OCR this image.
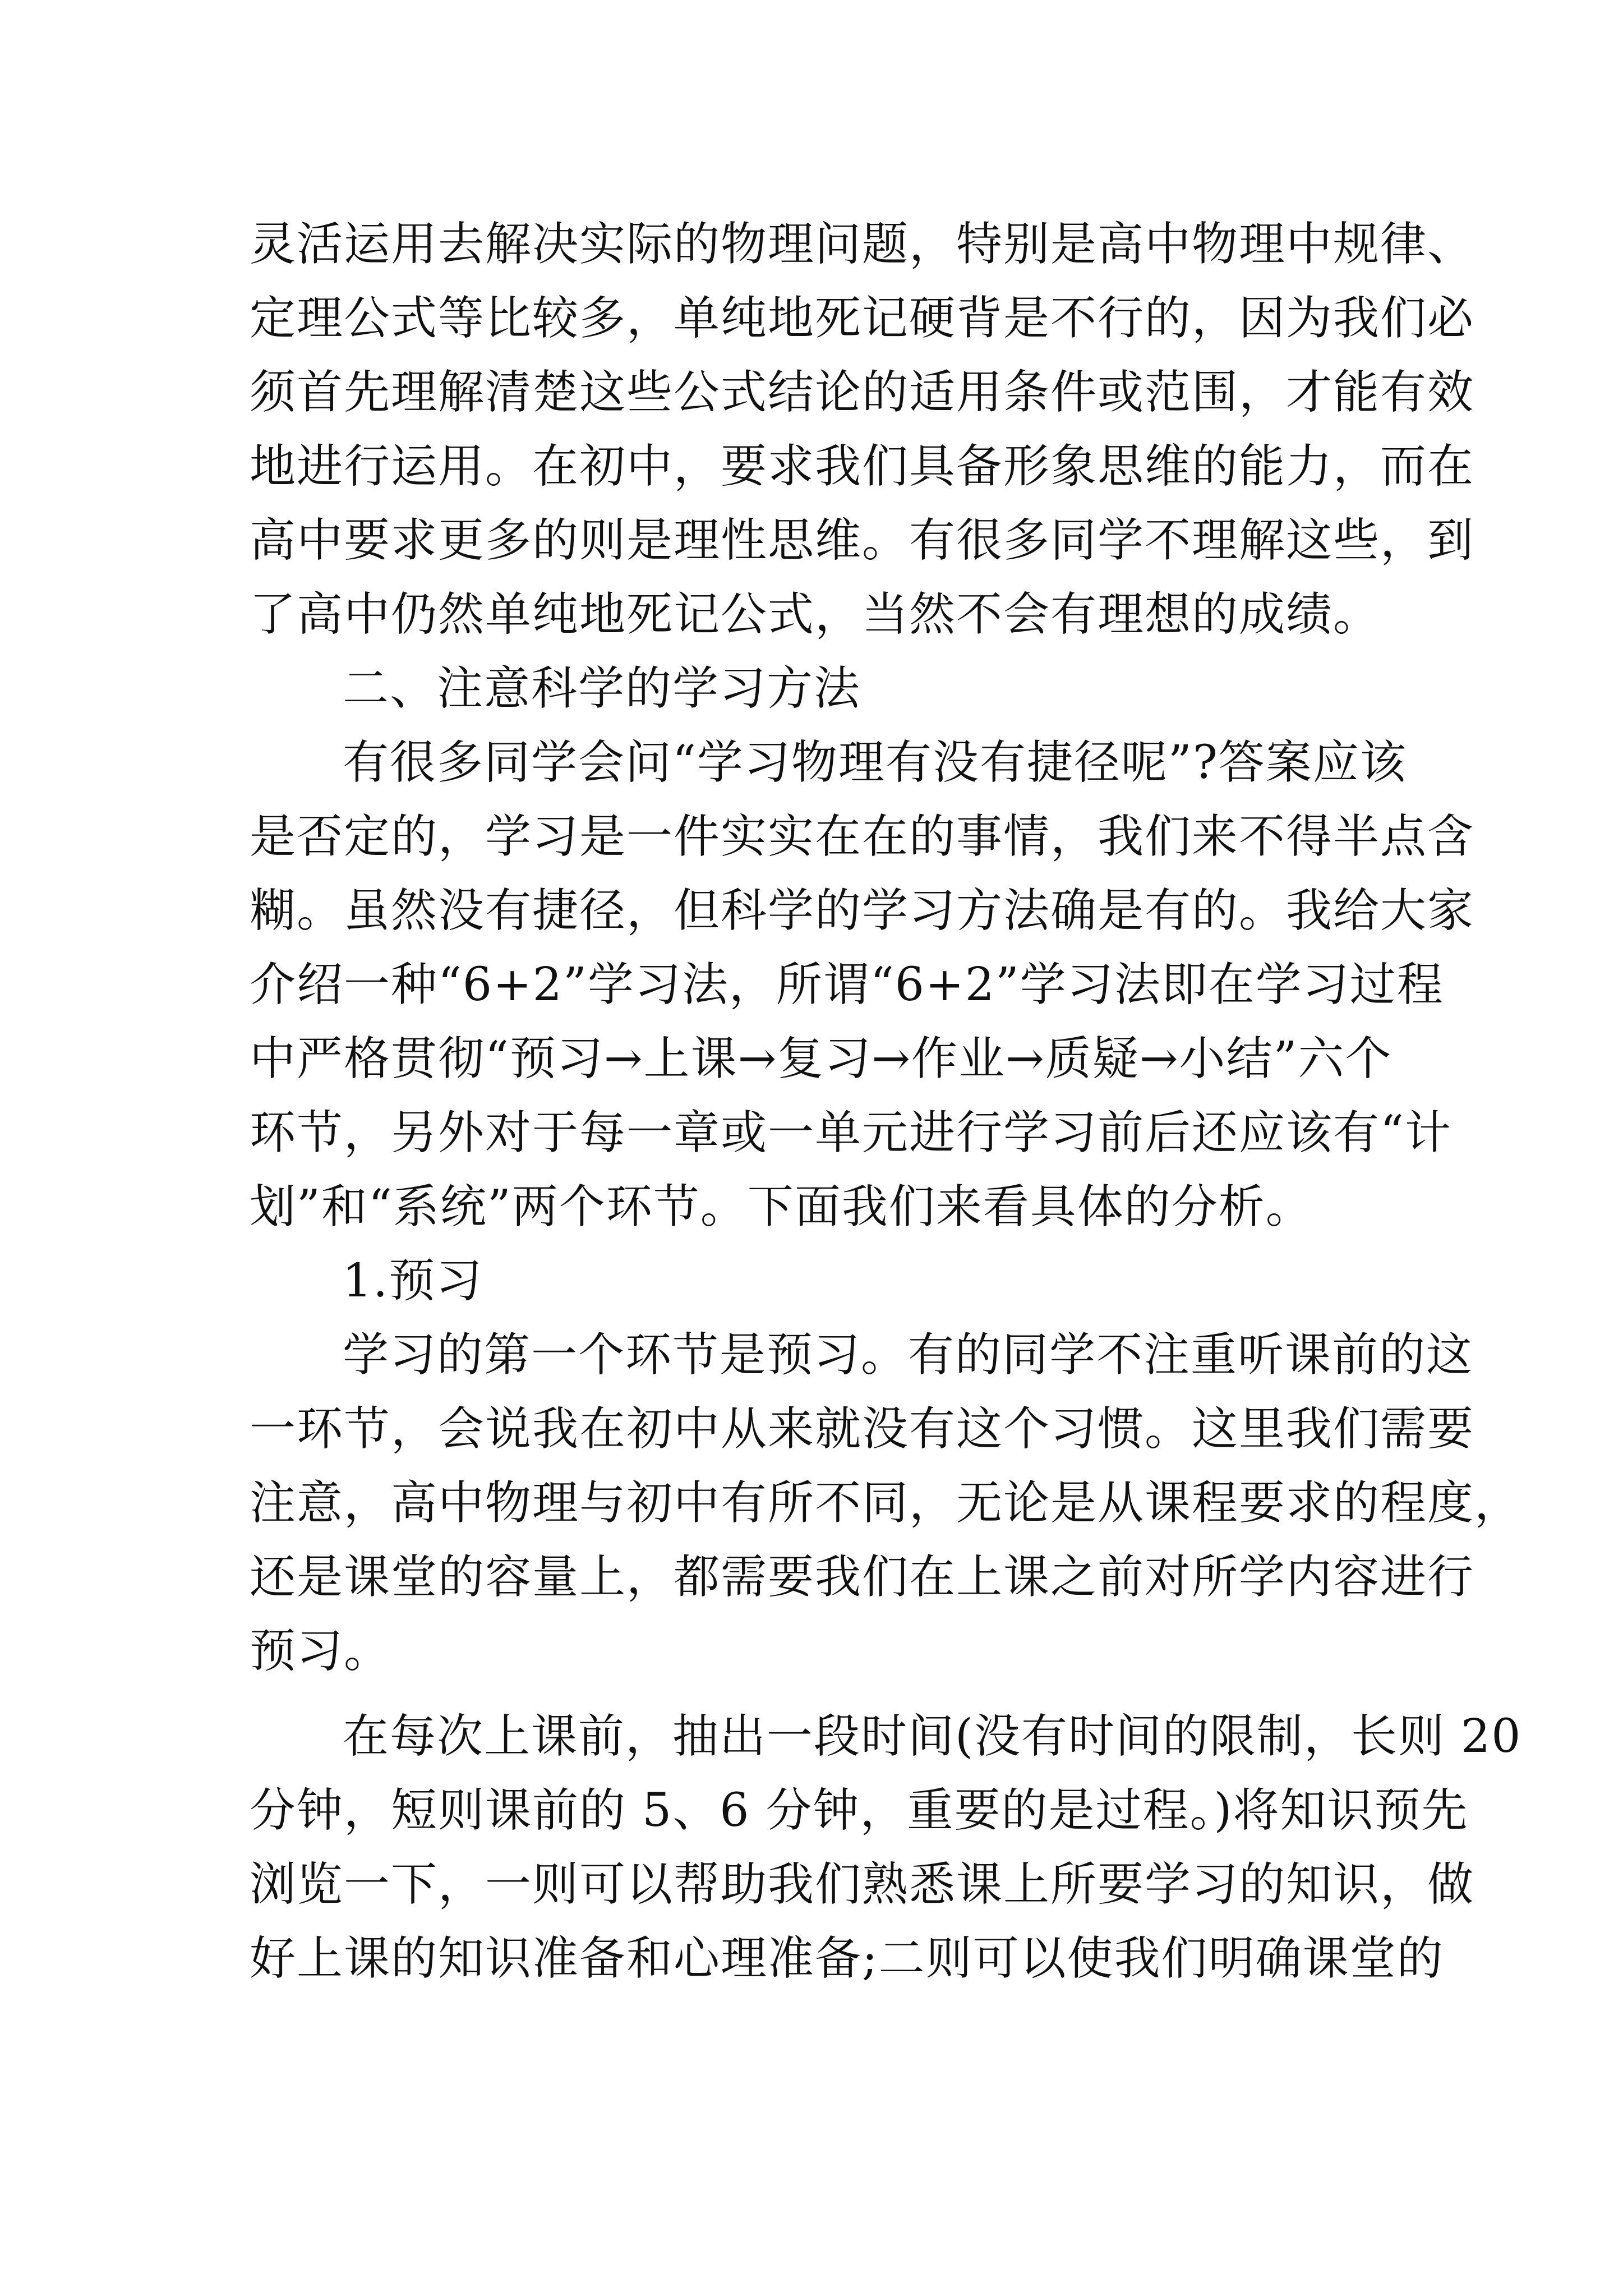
灵活运用去解决实际的物理问题，特别是高中物理中规律、
定理公式等比较多，单纯地死记硬背是不行的，因为我们必
须首先理解清楚这些公式结论的适用条件或范围，才能有效
地进行运用。在初中，要求我们具备形象思维的能力，而在
高中要求更多的则是理性思维。有很多同学不理解这些，到
了高中仍然单纯地死记公式，当然不会有理想的成绩。
二、注意科学的学习方法
有很多同学会问“学习物理有没有捷径呢”?答案应该
是否定的，学习是一件实实在在的事情，我们来不得半点含
糊。虽然没有捷径，但科学的学习方法确是有的。我给大家
介绍一种“6+2”学习法，所谓“6+2”学习法即在学习过程
中严格贯彻“预习→上课→复习→作业→质疑→小结”六个
环节，另外对于每一章或一单元进行学习前后还应该有“计
划”和“系统”两个环节。下面我们来看具体的分析。
1.预习
学习的第一个环节是预习。有的同学不注重听课前的这
一环节，会说我在初中从来就没有这个习惯。这里我们需要
注意，高中物理与初中有所不同，无论是从课程要求的程度，
还是课堂的容量上，都需要我们在上课之前对所学内容进行
预习。
在每次上课前，抽出一段时间(没有时间的限制，长则 20
分钟，短则课前的 5、6 分钟，重要的是过程。)将知识预先
浏览一下，一则可以帮助我们熟悉课上所要学习的知识，做
好上课的知识准备和心理准备;二则可以使我们明确课堂的
